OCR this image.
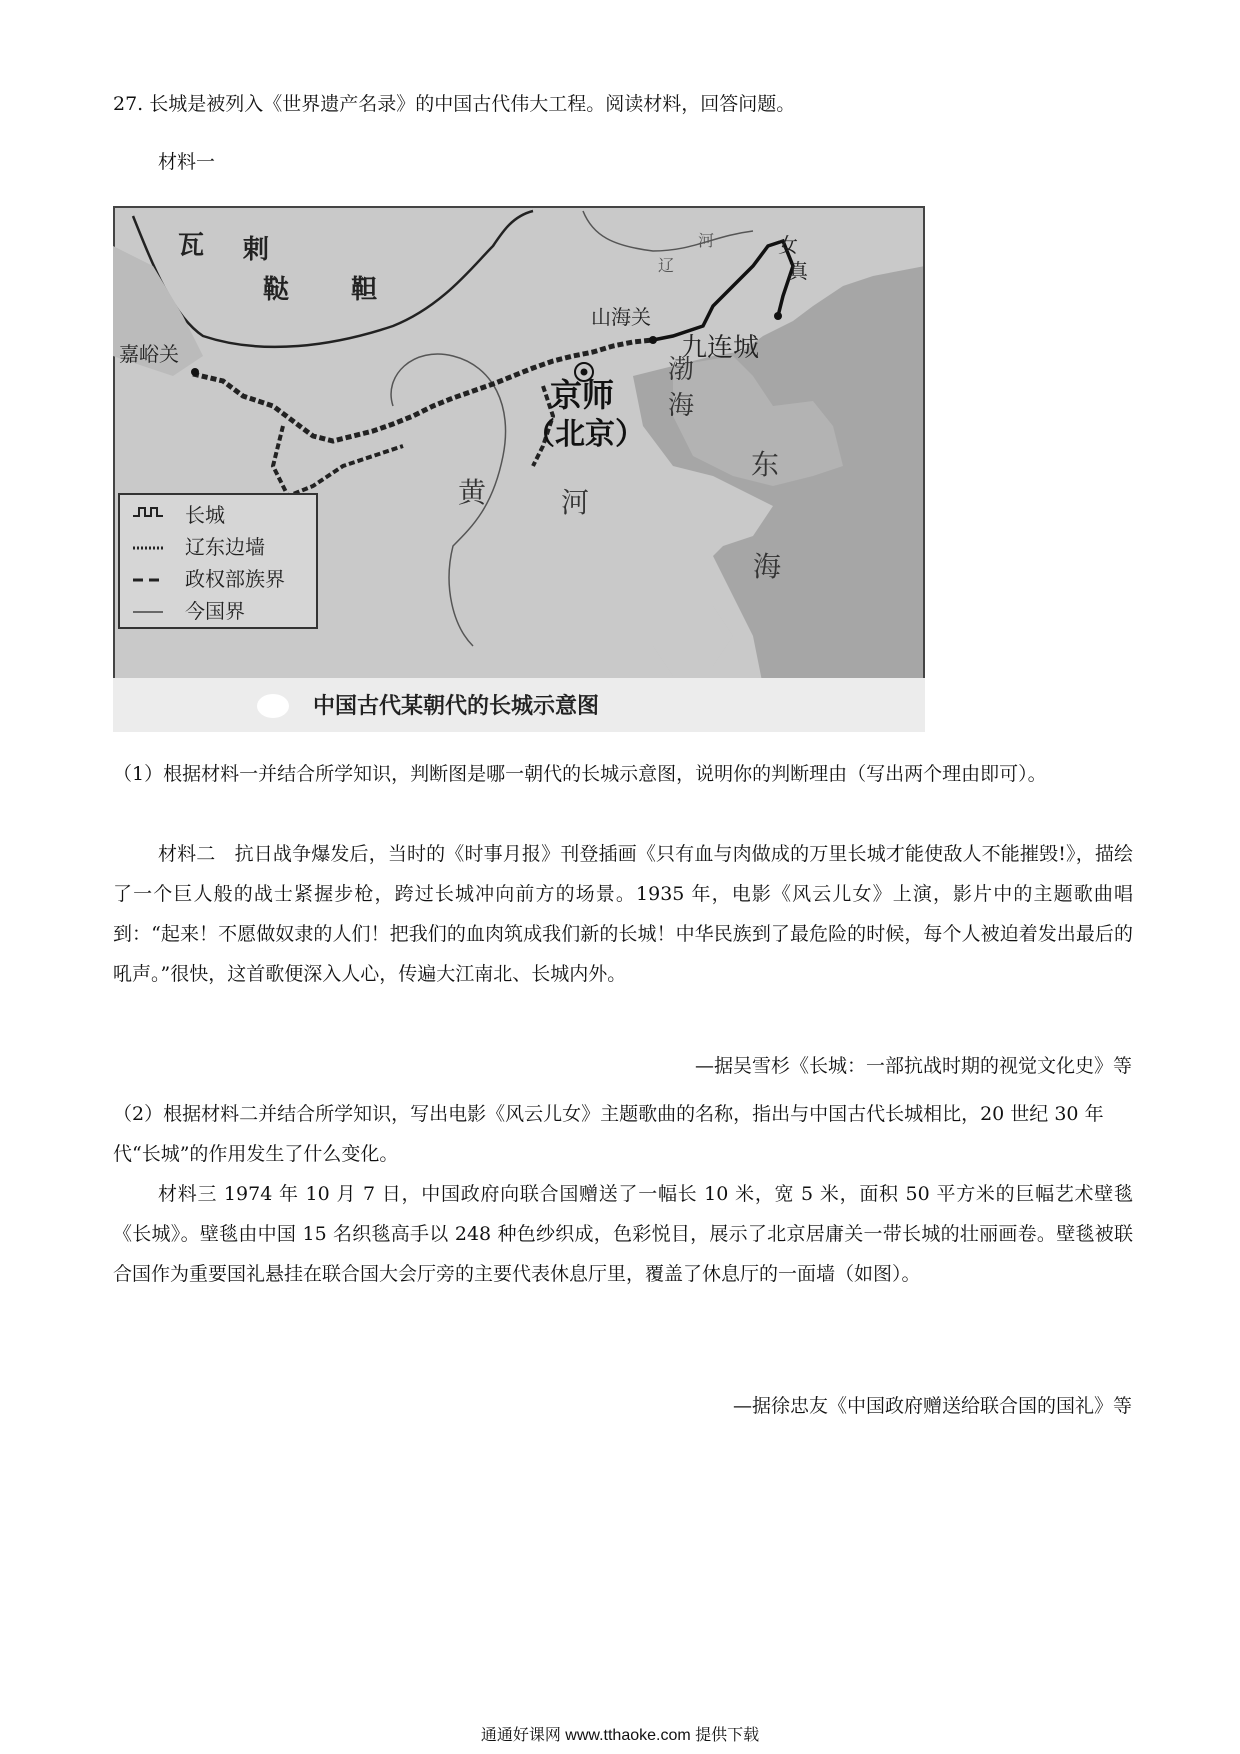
27. 长城是被列入《世界遗产名录》的中国古代伟大工程。阅读材料，回答问题。
材料一
瓦 剌
鞑 靼
女
真
嘉峪关
山海关
九连城
辽
河
京师
（北京）
渤
海
黄	河
东
海
长城
辽东边墙
政权部族界
今国界
中国古代某朝代的长城示意图
（1）根据材料一并结合所学知识，判断图是哪一朝代的长城示意图，说明你的判断理由（写出两个理由即可）。
材料二　抗日战争爆发后，当时的《时事月报》刊登插画《只有血与肉做成的万里长城才能使敌人不能摧毁!》，描绘了一个巨人般的战士紧握步枪，跨过长城冲向前方的场景。1935 年，电影《风云儿女》上演，影片中的主题歌曲唱到：“起来！不愿做奴隶的人们！把我们的血肉筑成我们新的长城！中华民族到了最危险的时候，每个人被迫着发出最后的吼声。”很快，这首歌便深入人心，传遍大江南北、长城内外。
—据吴雪杉《长城：一部抗战时期的视觉文化史》等
（2）根据材料二并结合所学知识，写出电影《风云儿女》主题歌曲的名称，指出与中国古代长城相比，20 世纪 30 年代“长城”的作用发生了什么变化。
材料三 1974 年 10 月 7 日，中国政府向联合国赠送了一幅长 10 米，宽 5 米，面积 50 平方米的巨幅艺术壁毯《长城》。壁毯由中国 15 名织毯高手以 248 种色纱织成，色彩悦目，展示了北京居庸关一带长城的壮丽画卷。壁毯被联合国作为重要国礼悬挂在联合国大会厅旁的主要代表休息厅里，覆盖了休息厅的一面墙（如图）。
—据徐忠友《中国政府赠送给联合国的国礼》等
通通好课网 www.tthaoke.com 提供下载
